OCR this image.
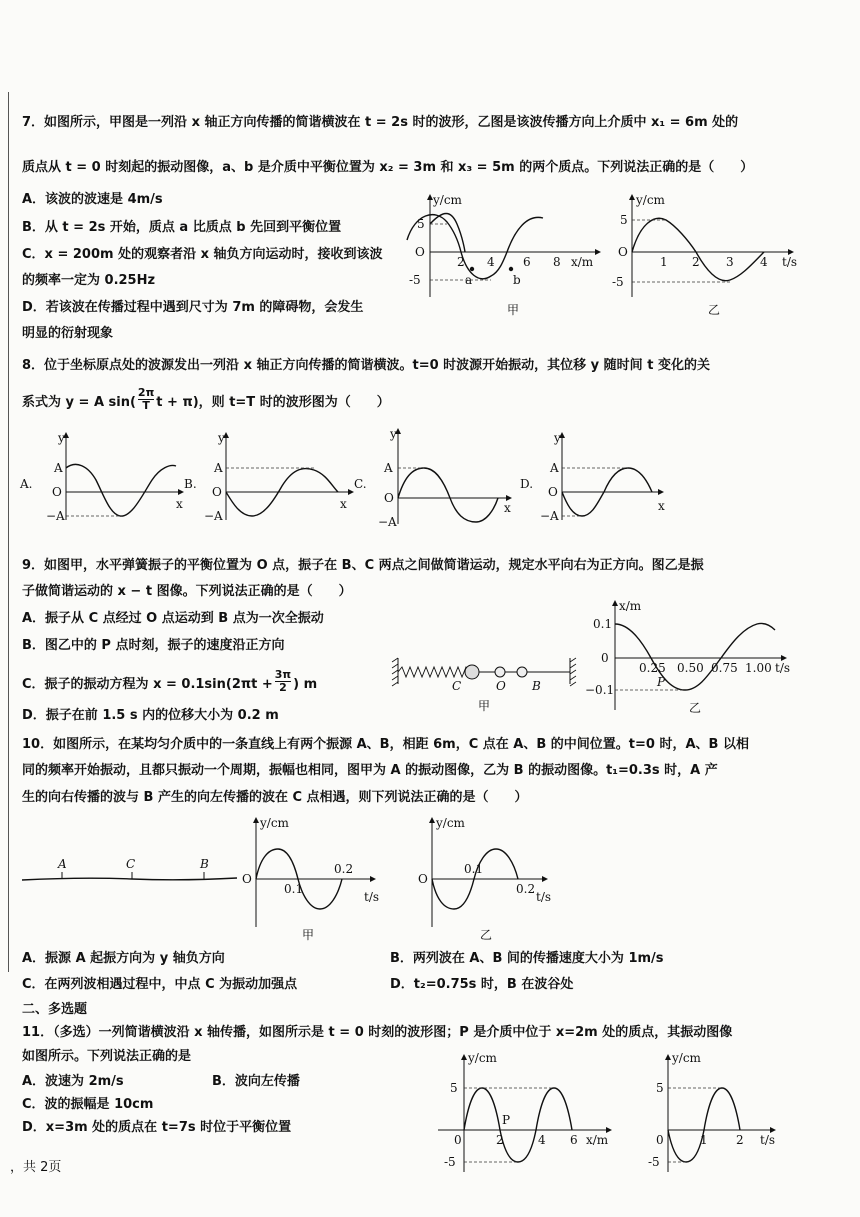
7．如图所示，甲图是一列沿 x 轴正方向传播的简谐横波在 t = 2s 时的波形，乙图是该波传播方向上介质中 x₁ = 6m 处的
质点从 t = 0 时刻起的振动图像，a、b 是介质中平衡位置为 x₂ = 3m 和 x₃ = 5m 的两个质点。下列说法正确的是（　　）
A．该波的波速是 4m/s
B．从 t = 2s 开始，质点 a 比质点 b 先回到平衡位置
C．x = 200m 处的观察者沿 x 轴负方向运动时，接收到该波
的频率一定为 0.25Hz
D．若该波在传播过程中遇到尺寸为 7m 的障碍物，会发生
明显的衍射现象
y/cm
5
-5
O
2 4 6 8 x/m
a	b
甲
y/cm
5
-5
O
1 2 3 4 t/s
乙
8．位于坐标原点处的波源发出一列沿 x 轴正方向传播的简谐横波。t=0 时波源开始振动，其位移 y 随时间 t 变化的关
系式为 y = A $\sin( \frac{2\pi}{T}$ t + π)，则 t=T 时的波形图为（　　）
A.
y
A
O
−A
x
B.
y
A
O
−A
x
C.
y
A
O
−A
x
D.
y
A
O
−A
x
9．如图甲，水平弹簧振子的平衡位置为 O 点，振子在 B、C 两点之间做简谐运动，规定水平向右为正方向。图乙是振
子做简谐运动的 x − t 图像。下列说法正确的是（　　）
A．振子从 C 点经过 O 点运动到 B 点为一次全振动
B．图乙中的 P 点时刻，振子的速度沿正方向
C．振子的振动方程为 $x = 0.1\sin(2\pi t + \frac{3\pi}{2}$ ) m
D．振子在前 1.5 s 内的位移大小为 0.2 m
C	O B
甲
x/m
0.1
0
−0.1
0.25 0.50 0.75 1.00 t/s
P
乙
10．如图所示，在某均匀介质中的一条直线上有两个振源 A、B，相距 6m，C 点在 A、B 的中间位置。t=0 时，A、B 以相
同的频率开始振动，且都只振动一个周期，振幅也相同，图甲为 A 的振动图像，乙为 B 的振动图像。t₁=0.3s 时，A 产
生的向右传播的波与 B 产生的向左传播的波在 C 点相遇，则下列说法正确的是（　　）
A	C	B
y/cm
O
0.1
0.2
t/s
甲
y/cm
O
0.1
0.2
t/s
乙
A．振源 A 起振方向为 y 轴负方向	B．两列波在 A、B 间的传播速度大小为 1m/s
C．在两列波相遇过程中，中点 C 为振动加强点	D．t₂=0.75s 时，B 在波谷处
二、多选题
11．（多选）一列简谐横波沿 x 轴传播，如图所示是 t = 0 时刻的波形图；P 是介质中位于 x=2m 处的质点，其振动图像
如图所示。下列说法正确的是
A．波速为 2m/s	B．波向左传播
C．波的振幅是 10cm
D．x=3m 处的质点在 t=7s 时位于平衡位置
y/cm
5
-5
0	2	4 6 x/m
P
y/cm
5
-5
0	1 2 t/s
，共 2页
